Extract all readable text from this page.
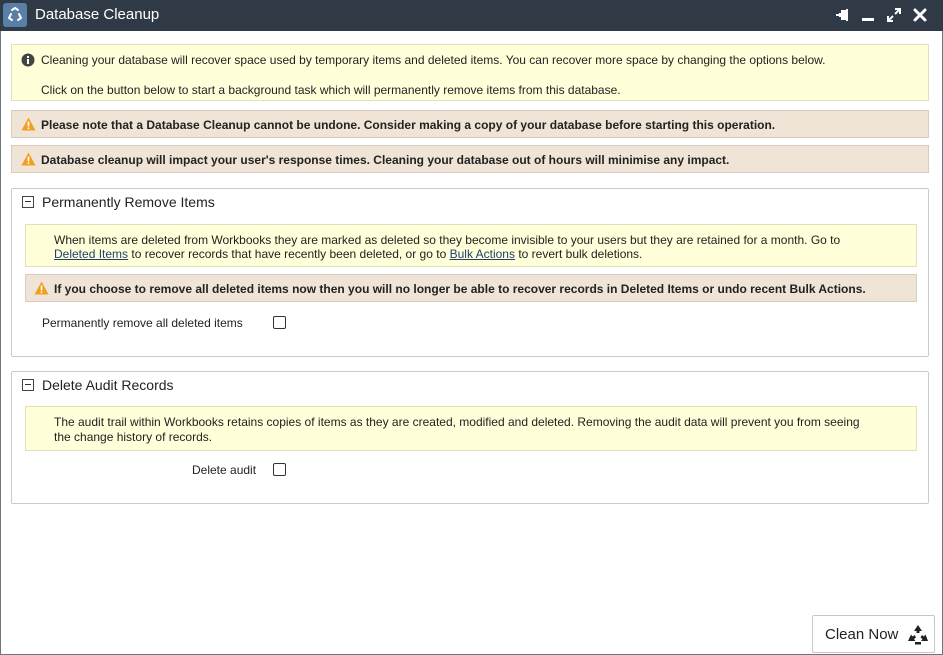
Database Cleanup
Cleaning your database will recover space used by temporary items and deleted items. You can recover more space by changing the options below.
Click on the button below to start a background task which will permanently remove items from this database.
Please note that a Database Cleanup cannot be undone. Consider making a copy of your database before starting this operation.
Database cleanup will impact your user's response times. Cleaning your database out of hours will minimise any impact.
Permanently Remove Items
When items are deleted from Workbooks they are marked as deleted so they become invisible to your users but they are retained for a month. Go to
Deleted Items to recover records that have recently been deleted, or go to Bulk Actions to revert bulk deletions.
If you choose to remove all deleted items now then you will no longer be able to recover records in Deleted Items or undo recent Bulk Actions.
Permanently remove all deleted items
Delete Audit Records
The audit trail within Workbooks retains copies of items as they are created, modified and deleted. Removing the audit data will prevent you from seeing
the change history of records.
Delete audit
Clean Now
